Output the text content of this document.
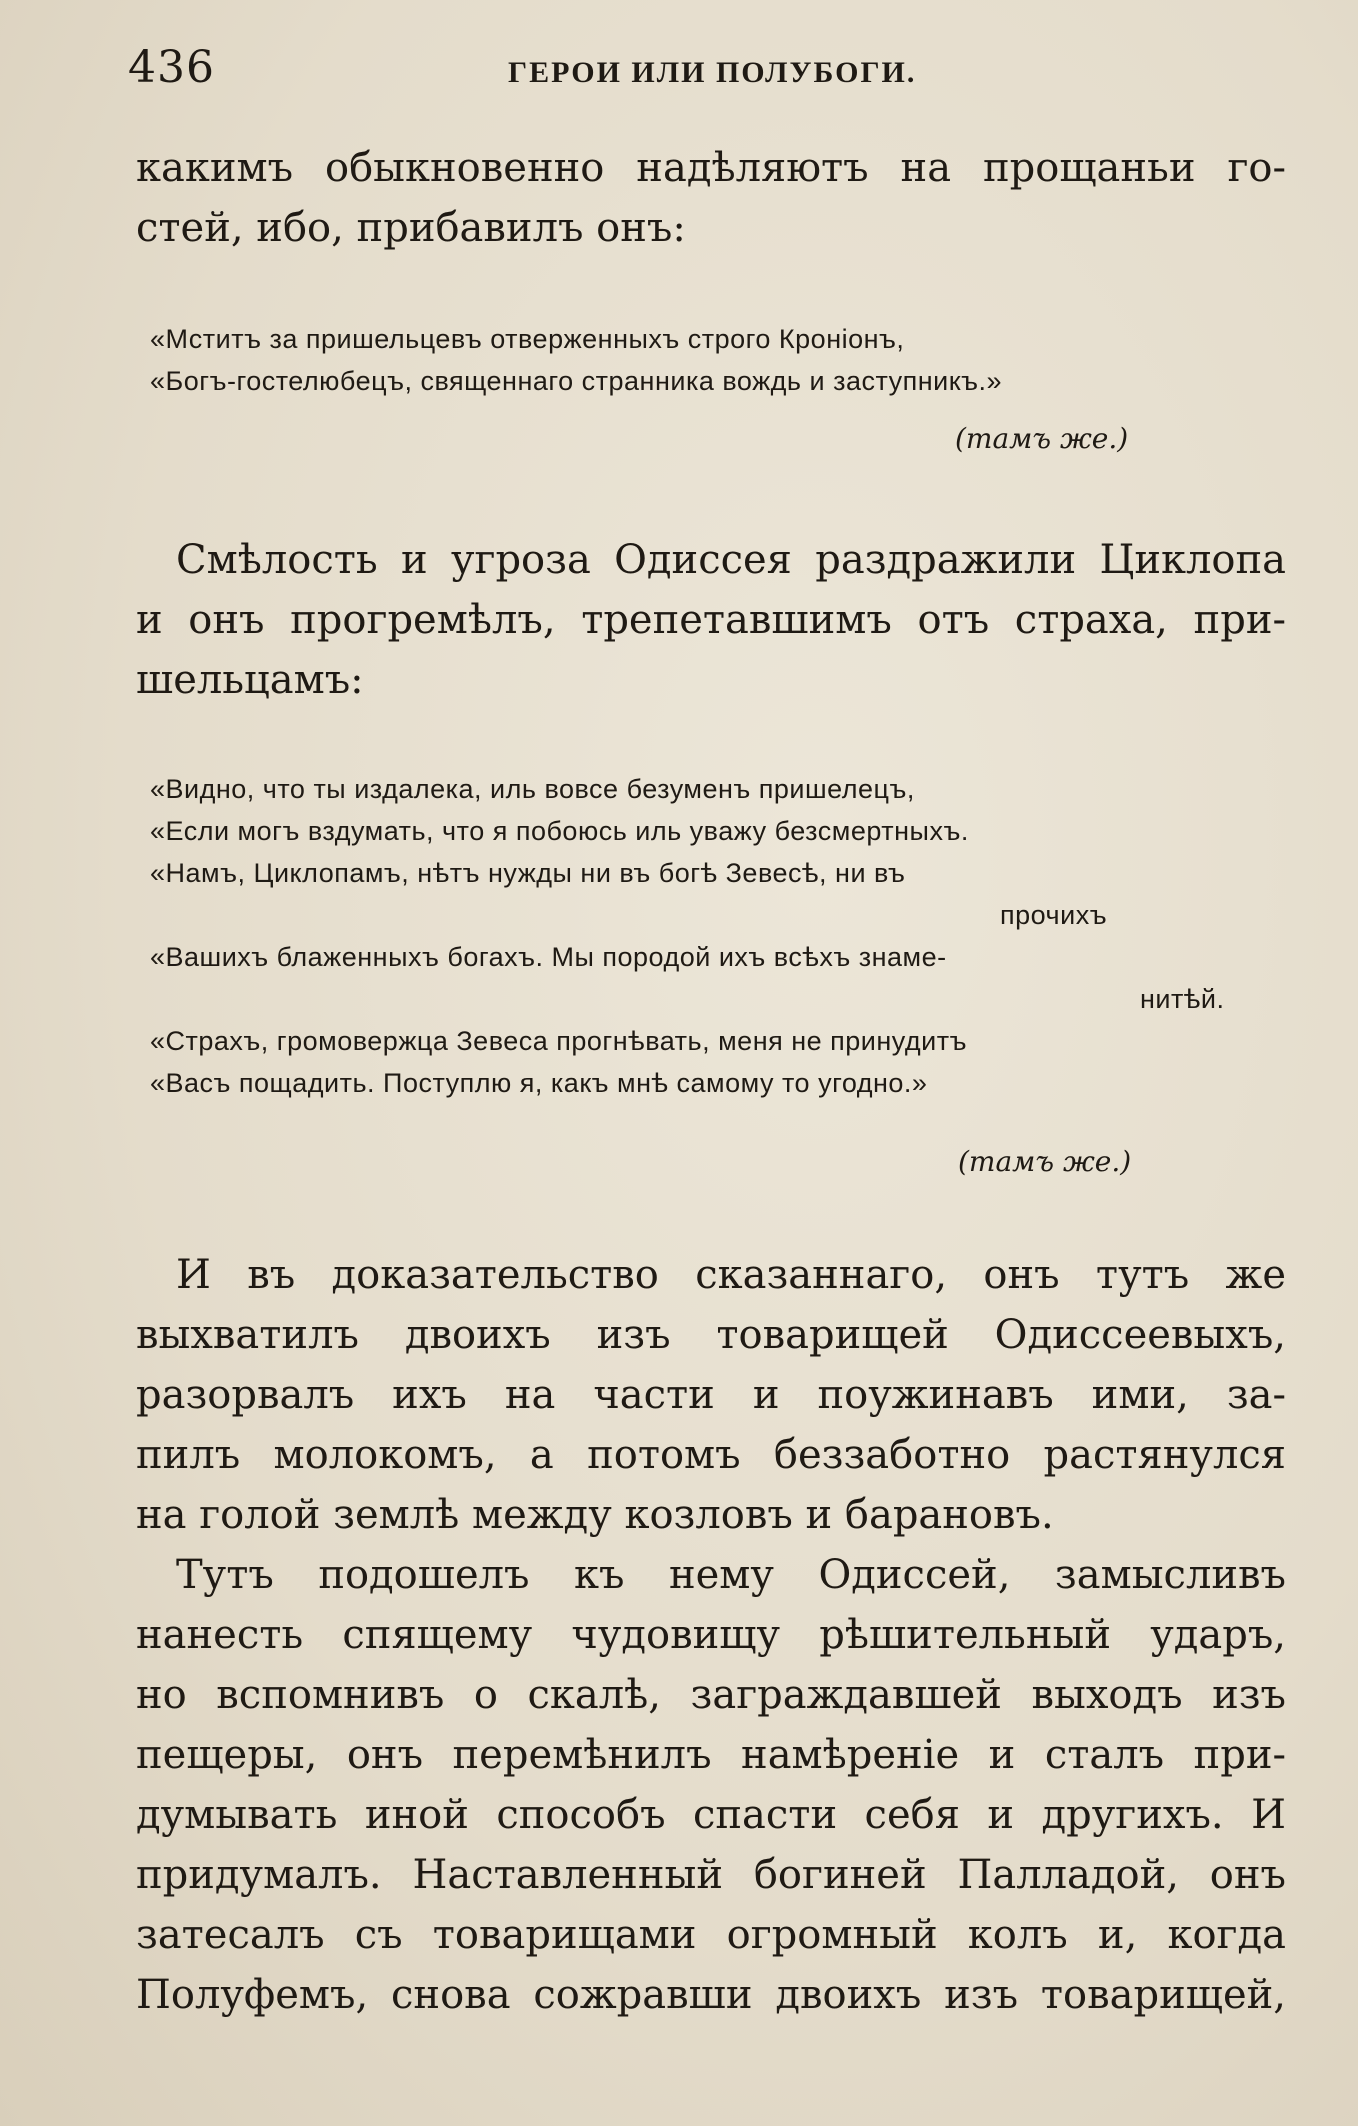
436	ГЕРОИ ИЛИ ПОЛУБОГИ.
какимъ обыкновенно надѣляютъ на прощаньи го-
стей, ибо, прибавилъ онъ:
«Мститъ за пришельцевъ отверженныхъ строго Кроніонъ,
«Богъ-гостелюбецъ, священнаго странника вождь и заступникъ.»
(тамъ же.)
Смѣлость и угроза Одиссея раздражили Циклопа
и онъ прогремѣлъ, трепетавшимъ отъ страха, при-
шельцамъ:
«Видно, что ты издалека, иль вовсе безуменъ пришелецъ,
«Если могъ вздумать, что я побоюсь иль уважу безсмертныхъ.
«Намъ, Циклопамъ, нѣтъ нужды ни въ богѣ Зевесѣ, ни въ
прочихъ
«Вашихъ блаженныхъ богахъ. Мы породой ихъ всѣхъ знаме-
нитѣй.
«Страхъ, громовержца Зевеса прогнѣвать, меня не принудитъ
«Васъ пощадить. Поступлю я, какъ мнѣ самому то угодно.»
(тамъ же.)
И въ доказательство сказаннаго, онъ тутъ же
выхватилъ двоихъ изъ товарищей Одиссеевыхъ,
разорвалъ ихъ на части и поужинавъ ими, за-
пилъ молокомъ, а потомъ беззаботно растянулся
на голой землѣ между козловъ и барановъ.
Тутъ подошелъ къ нему Одиссей, замысливъ
нанесть спящему чудовищу рѣшительный ударъ,
но вспомнивъ о скалѣ, заграждавшей выходъ изъ
пещеры, онъ перемѣнилъ намѣреніе и сталъ при-
думывать иной способъ спасти себя и другихъ. И
придумалъ. Наставленный богиней Палладой, онъ
затесалъ съ товарищами огромный колъ и, когда
Полуфемъ, снова сожравши двоихъ изъ товарищей,
